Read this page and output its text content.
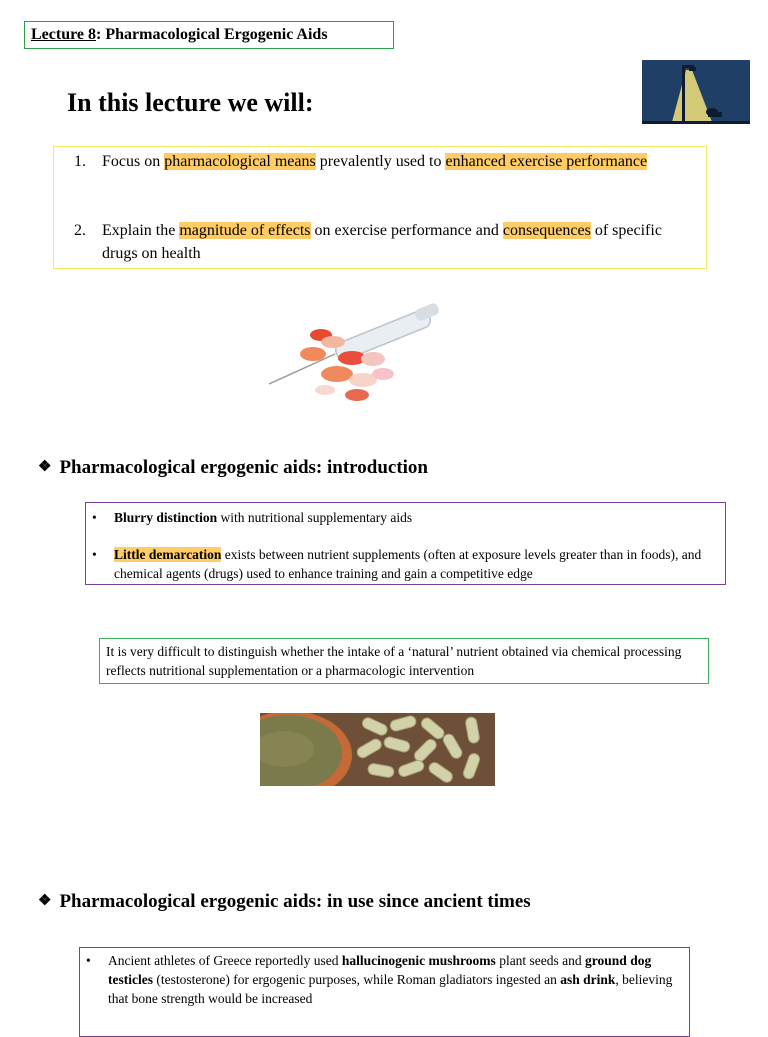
Lecture 8: Pharmacological Ergogenic Aids
In this lecture we will:
1.	Focus on pharmacological means prevalently used to enhanced exercise performance
2.	Explain the magnitude of effects on exercise performance and consequences of specific drugs on health
❖ Pharmacological ergogenic aids: introduction
• Blurry distinction with nutritional supplementary aids
• Little demarcation exists between nutrient supplements (often at exposure levels greater than in foods), and chemical agents (drugs) used to enhance training and gain a competitive edge
It is very difficult to distinguish whether the intake of a ‘natural’ nutrient obtained via chemical processing reflects nutritional supplementation or a pharmacologic intervention
❖ Pharmacological ergogenic aids: in use since ancient times
• Ancient athletes of Greece reportedly used hallucinogenic mushrooms plant seeds and ground dog testicles (testosterone) for ergogenic purposes, while Roman gladiators ingested an ash drink, believing that bone strength would be increased
